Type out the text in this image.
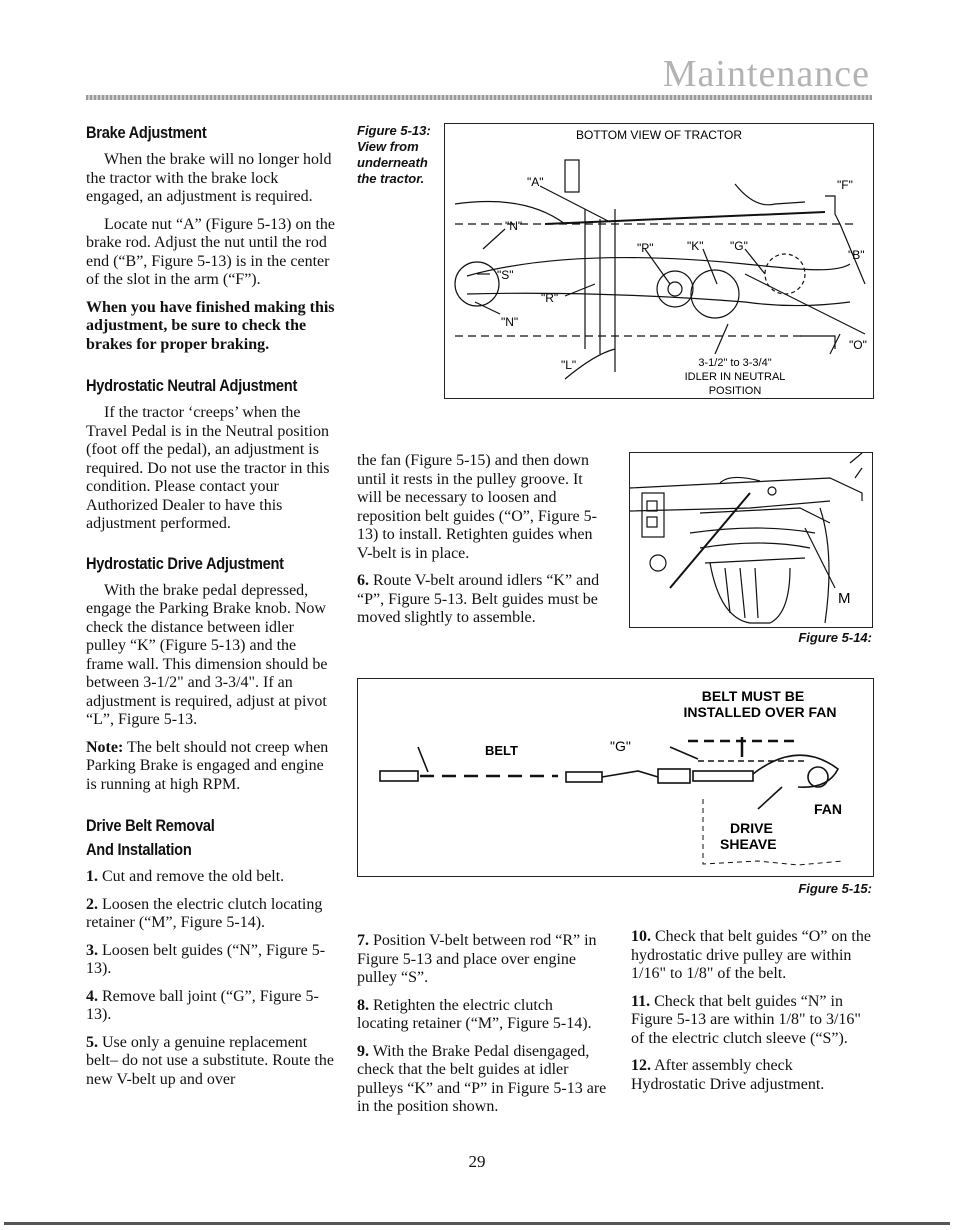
Maintenance
Brake Adjustment

When the brake will no longer hold the tractor with the brake lock engaged, an adjustment is required.

Locate nut “A” (Figure 5-13) on the brake rod. Adjust the nut until the rod end (“B”, Figure 5-13) is in the center of the slot in the arm (“F”).

When you have finished making this adjustment, be sure to check the brakes for proper braking.

Hydrostatic Neutral Adjustment

If the tractor ‘creeps’ when the Travel Pedal is in the Neutral position (foot off the pedal), an adjustment is required. Do not use the tractor in this condition. Please contact your Authorized Dealer to have this adjustment performed.

Hydrostatic Drive Adjustment

With the brake pedal depressed, engage the Parking Brake knob. Now check the distance between idler pulley “K” (Figure 5-13) and the frame wall. This dimension should be between 3-1/2" and 3-3/4". If an adjustment is required, adjust at pivot “L”, Figure 5-13.

Note: The belt should not creep when Parking Brake is engaged and engine is running at high RPM.

Drive Belt Removal
And Installation

1. Cut and remove the old belt.

2. Loosen the electric clutch locating retainer (“M”, Figure 5-14).

3. Loosen belt guides (“N”, Figure 5-13).

4. Remove ball joint (“G”, Figure 5-13).

5. Use only a genuine replacement belt– do not use a substitute. Route the new V-belt up and over

Figure 5-13: View from underneath the tractor.
BOTTOM VIEW OF TRACTOR
"A"	"F"
"N"
"B"
"P"	"K" "G"
"S"
"R"
"N"
"O"
"L"	3-1/2" to 3-3/4"
IDLER IN NEUTRAL
POSITION

the fan (Figure 5-15) and then down until it rests in the pulley groove. It will be necessary to loosen and reposition belt guides (“O”, Figure 5-13) to install. Retighten guides when V-belt is in place.

6. Route V-belt around idlers “K” and “P”, Figure 5-13. Belt guides must be moved slightly to assemble.

M
Figure 5-14:
BELT MUST BE
INSTALLED OVER FAN
BELT	"G"
FAN
DRIVE
SHEAVE
Figure 5-15:

7. Position V-belt between rod “R” in Figure 5-13 and place over engine pulley “S”.

8. Retighten the electric clutch locating retainer (“M”, Figure 5-14).

9. With the Brake Pedal disengaged, check that the belt guides at idler pulleys “K” and “P” in Figure 5-13 are in the position shown.

10. Check that belt guides “O” on the hydrostatic drive pulley are within 1/16" to 1/8" of the belt.

11. Check that belt guides “N” in Figure 5-13 are within 1/8" to 3/16" of the electric clutch sleeve (“S”).

12. After assembly check Hydrostatic Drive adjustment.

29
